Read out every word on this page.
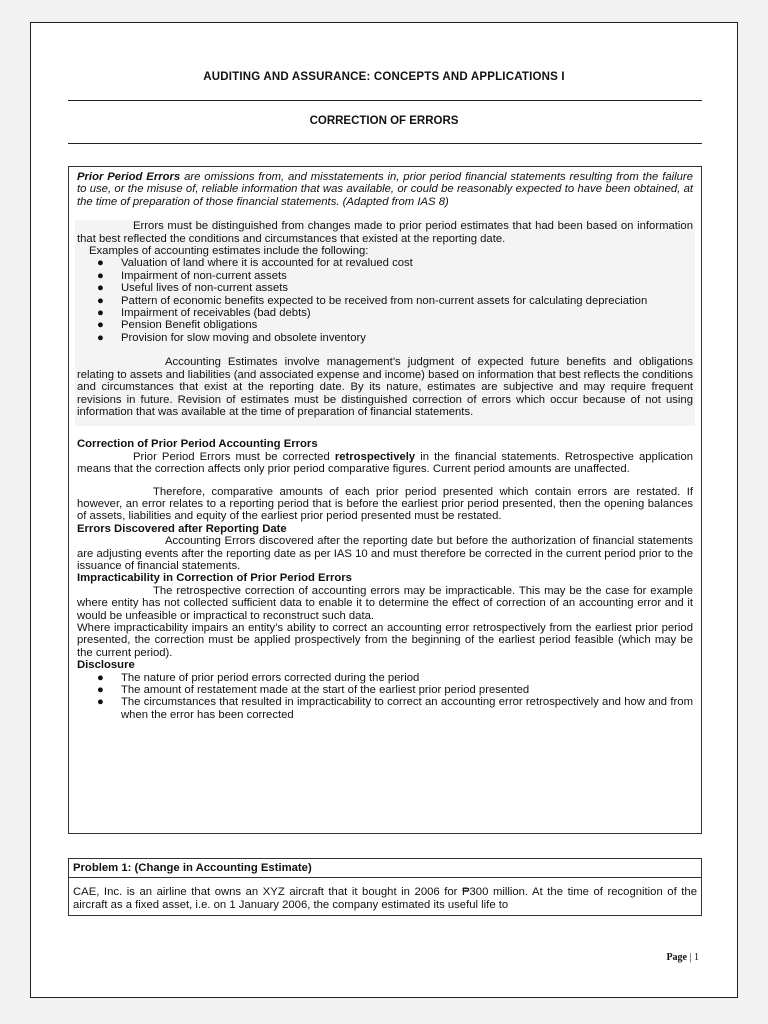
AUDITING AND ASSURANCE: CONCEPTS AND APPLICATIONS I
CORRECTION OF ERRORS

Prior Period Errors are omissions from, and misstatements in, prior period financial statements resulting from the failure to use, or the misuse of, reliable information that was available, or could be reasonably expected to have been obtained, at the time of preparation of those financial statements. (Adapted from IAS 8)

Errors must be distinguished from changes made to prior period estimates that had been based on information that best reflected the conditions and circumstances that existed at the reporting date.

Examples of accounting estimates include the following:

● Valuation of land where it is accounted for at revalued cost
● Impairment of non-current assets
● Useful lives of non-current assets
● Pattern of economic benefits expected to be received from non-current assets for calculating depreciation
● Impairment of receivables (bad debts)
● Pension Benefit obligations
● Provision for slow moving and obsolete inventory

Accounting Estimates involve management’s judgment of expected future benefits and obligations relating to assets and liabilities (and associated expense and income) based on information that best reflects the conditions and circumstances that exist at the reporting date. By its nature, estimates are subjective and may require frequent revisions in future. Revision of estimates must be distinguished correction of errors which occur because of not using information that was available at the time of preparation of financial statements.

Correction of Prior Period Accounting Errors

Prior Period Errors must be corrected retrospectively in the financial statements. Retrospective application means that the correction affects only prior period comparative figures. Current period amounts are unaffected.

Therefore, comparative amounts of each prior period presented which contain errors are restated. If however, an error relates to a reporting period that is before the earliest prior period presented, then the opening balances of assets, liabilities and equity of the earliest prior period presented must be restated.

Errors Discovered after Reporting Date

Accounting Errors discovered after the reporting date but before the authorization of financial statements are adjusting events after the reporting date as per IAS 10 and must therefore be corrected in the current period prior to the issuance of financial statements.

Impracticability in Correction of Prior Period Errors

The retrospective correction of accounting errors may be impracticable. This may be the case for example where entity has not collected sufficient data to enable it to determine the effect of correction of an accounting error and it would be unfeasible or impractical to reconstruct such data.

Where impracticability impairs an entity’s ability to correct an accounting error retrospectively from the earliest prior period presented, the correction must be applied prospectively from the beginning of the earliest period feasible (which may be the current period).

Disclosure

● The nature of prior period errors corrected during the period
● The amount of restatement made at the start of the earliest prior period presented
● The circumstances that resulted in impracticability to correct an accounting error retrospectively and how and from when the error has been corrected
Problem 1: (Change in Accounting Estimate)

CAE, Inc. is an airline that owns an XYZ aircraft that it bought in 2006 for ₱300 million. At the time of recognition of the aircraft as a fixed asset, i.e. on 1 January 2006, the company estimated its useful life to

Page | 1
